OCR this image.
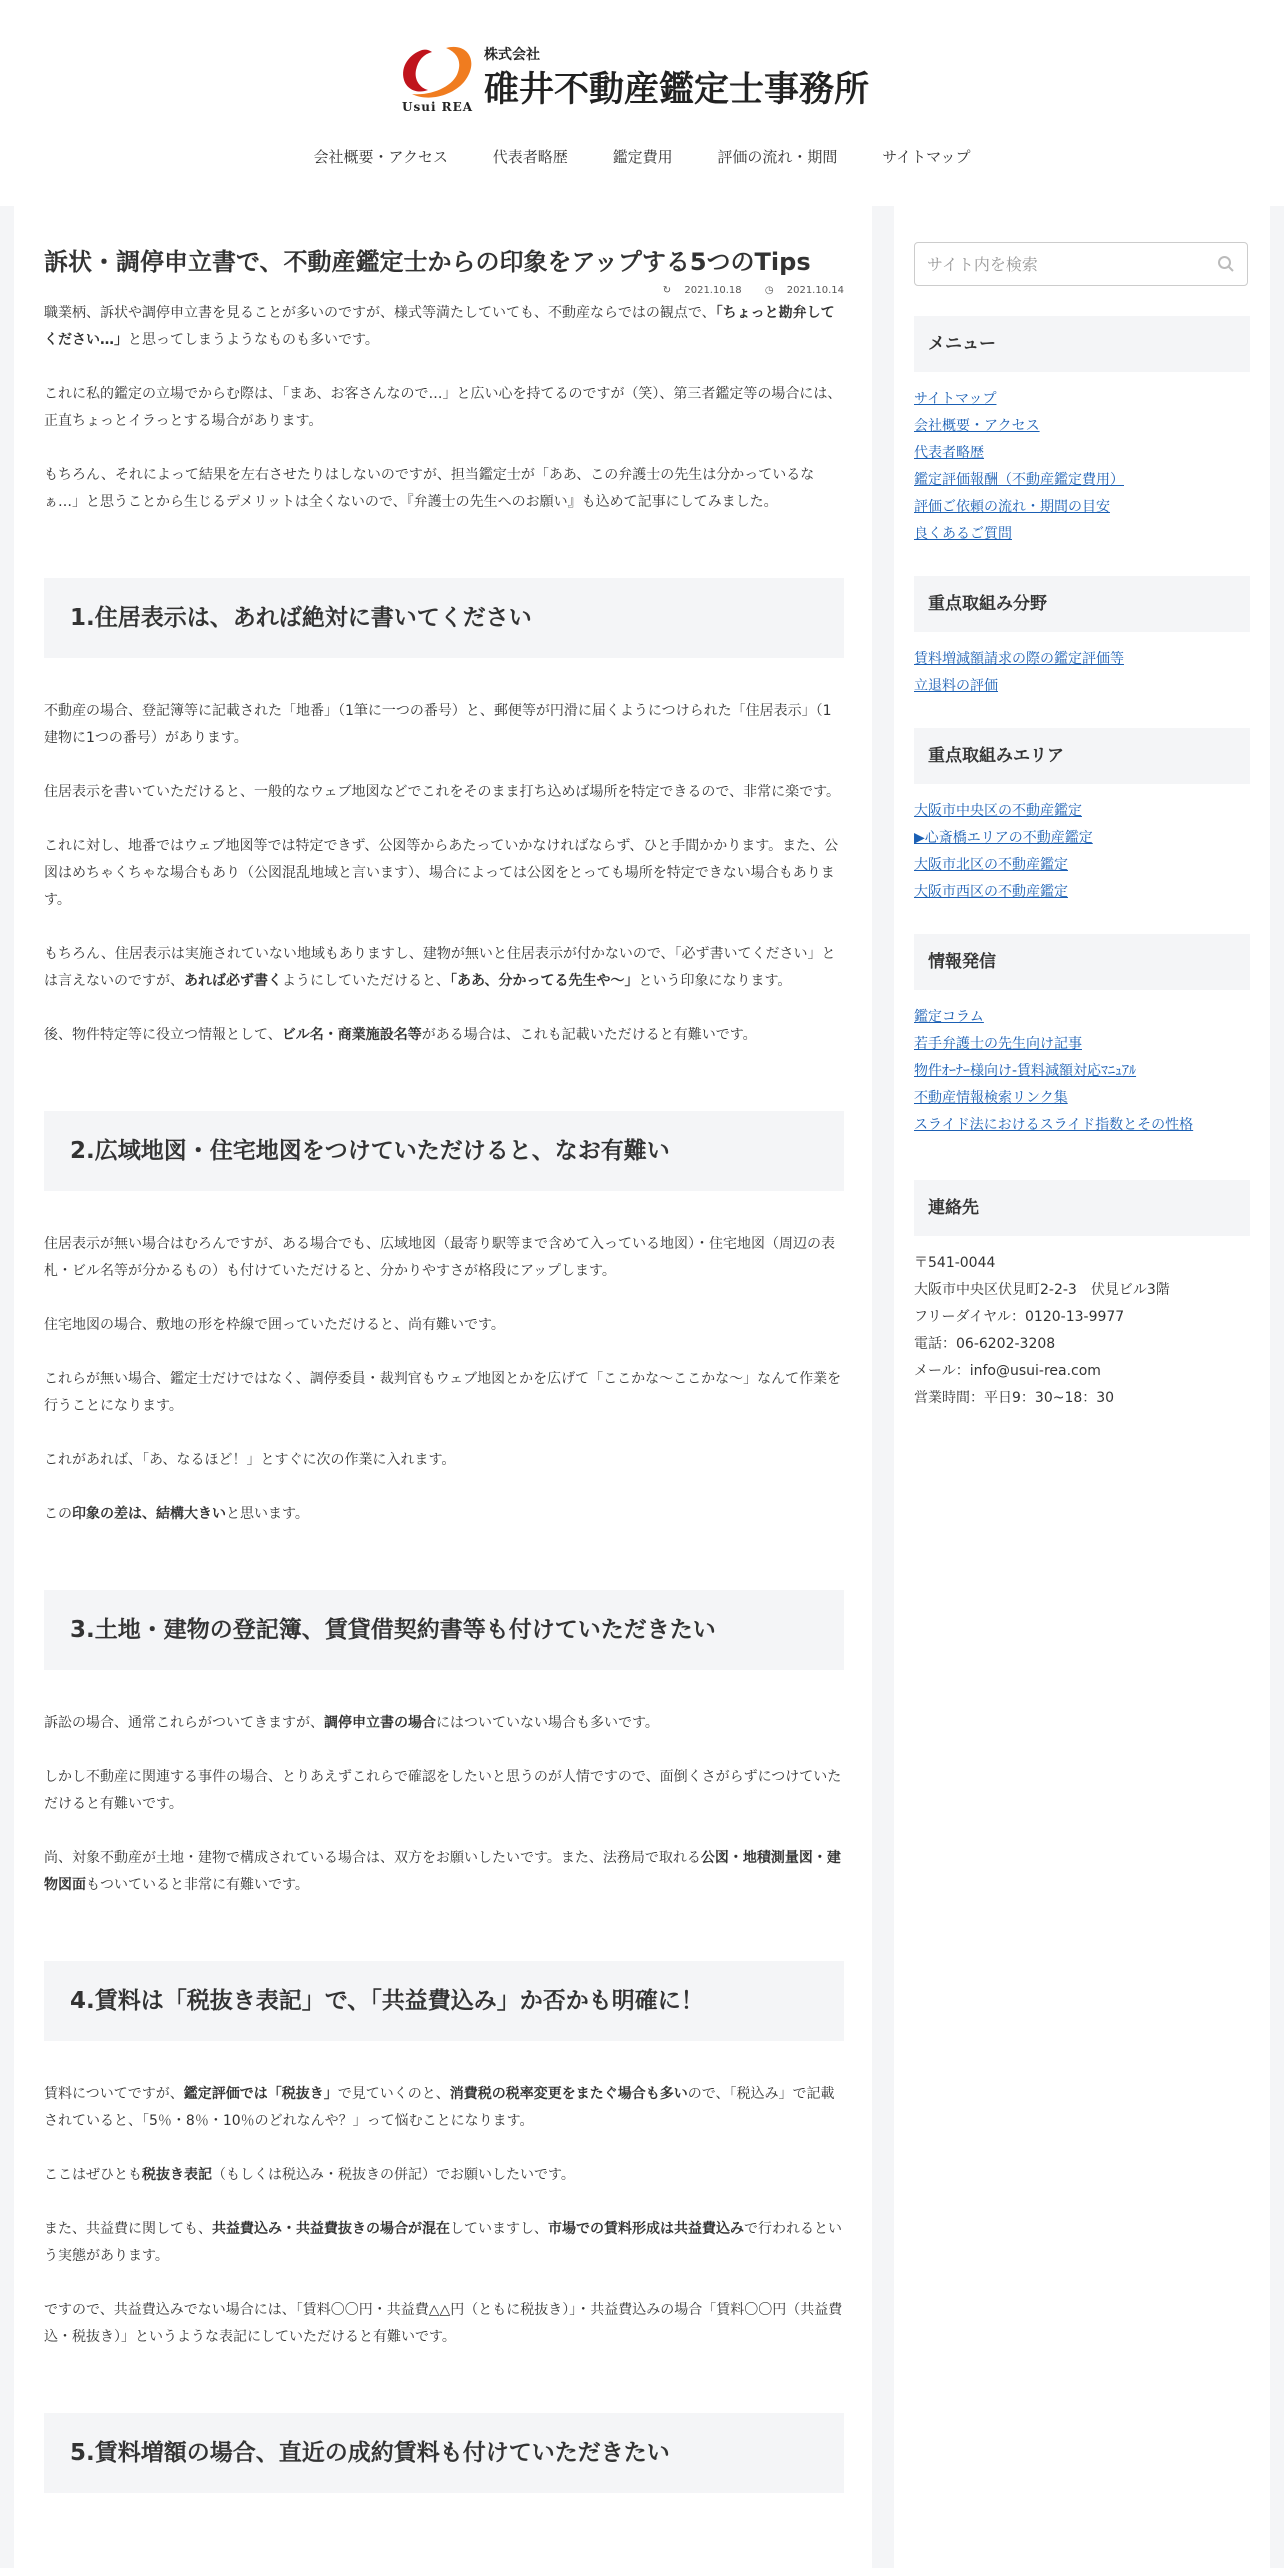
Usui REA
株式会社
碓井不動産鑑定士事務所
会社概要・アクセス	代表者略歴	鑑定費用	評価の流れ・期間	サイトマップ
訴状・調停申立書で、不動産鑑定士からの印象をアップする5つのTips
↻ 2021.10.18 ◷ 2021.10.14

職業柄、訴状や調停申立書を見ることが多いのですが、様式等満たしていても、不動産ならではの観点で、「ちょっと勘弁してください…」と思ってしまうようなものも多いです。

これに私的鑑定の立場でからむ際は、「まあ、お客さんなので…」と広い心を持てるのですが（笑）、第三者鑑定等の場合には、正直ちょっとイラっとする場合があります。

もちろん、それによって結果を左右させたりはしないのですが、担当鑑定士が「ああ、この弁護士の先生は分かっているなぁ…」と思うことから生じるデメリットは全くないので、『弁護士の先生へのお願い』も込めて記事にしてみました。

1.住居表示は、あれば絶対に書いてください

不動産の場合、登記簿等に記載された「地番」（1筆に一つの番号）と、郵便等が円滑に届くようにつけられた「住居表示」（1建物に1つの番号）があります。

住居表示を書いていただけると、一般的なウェブ地図などでこれをそのまま打ち込めば場所を特定できるので、非常に楽です。

これに対し、地番ではウェブ地図等では特定できず、公図等からあたっていかなければならず、ひと手間かかります。また、公図はめちゃくちゃな場合もあり（公図混乱地域と言います）、場合によっては公図をとっても場所を特定できない場合もあります。

もちろん、住居表示は実施されていない地域もありますし、建物が無いと住居表示が付かないので、「必ず書いてください」とは言えないのですが、あれば必ず書くようにしていただけると、「ああ、分かってる先生や～」という印象になります。

後、物件特定等に役立つ情報として、ビル名・商業施設名等がある場合は、これも記載いただけると有難いです。

2.広域地図・住宅地図をつけていただけると、なお有難い

住居表示が無い場合はむろんですが、ある場合でも、広域地図（最寄り駅等まで含めて入っている地図）・住宅地図（周辺の表札・ビル名等が分かるもの）も付けていただけると、分かりやすさが格段にアップします。

住宅地図の場合、敷地の形を枠線で囲っていただけると、尚有難いです。

これらが無い場合、鑑定士だけではなく、調停委員・裁判官もウェブ地図とかを広げて「ここかな～ここかな～」なんて作業を行うことになります。

これがあれば、「あ、なるほど！」とすぐに次の作業に入れます。

この印象の差は、結構大きいと思います。

3.土地・建物の登記簿、賃貸借契約書等も付けていただきたい

訴訟の場合、通常これらがついてきますが、調停申立書の場合にはついていない場合も多いです。

しかし不動産に関連する事件の場合、とりあえずこれらで確認をしたいと思うのが人情ですので、面倒くさがらずにつけていただけると有難いです。

尚、対象不動産が土地・建物で構成されている場合は、双方をお願いしたいです。また、法務局で取れる公図・地積測量図・建物図面もついていると非常に有難いです。

4.賃料は「税抜き表記」で、「共益費込み」か否かも明確に！

賃料についてですが、鑑定評価では「税抜き」で見ていくのと、消費税の税率変更をまたぐ場合も多いので、「税込み」で記載されていると、「5％・8％・10％のどれなんや？」って悩むことになります。

ここはぜひとも税抜き表記（もしくは税込み・税抜きの併記）でお願いしたいです。

また、共益費に関しても、共益費込み・共益費抜きの場合が混在していますし、市場での賃料形成は共益費込みで行われるという実態があります。

ですので、共益費込みでない場合には、「賃料〇〇円・共益費△△円（ともに税抜き）」・共益費込みの場合「賃料〇〇円（共益費込・税抜き）」というような表記にしていただけると有難いです。

5.賃料増額の場合、直近の成約賃料も付けていただきたい
サイト内を検索
メニュー
サイトマップ
会社概要・アクセス
代表者略歴
鑑定評価報酬（不動産鑑定費用）
評価ご依頼の流れ・期間の目安
良くあるご質問
重点取組み分野
賃料増減額請求の際の鑑定評価等
立退料の評価
重点取組みエリア
大阪市中央区の不動産鑑定
▶心斎橋エリアの不動産鑑定
大阪市北区の不動産鑑定
大阪市西区の不動産鑑定
情報発信
鑑定コラム
若手弁護士の先生向け記事
物件ｵｰﾅｰ様向け-賃料減額対応ﾏﾆｭｱﾙ
不動産情報検索リンク集
スライド法におけるスライド指数とその性格
連絡先
〒541-0044
大阪市中央区伏見町2-2-3　伏見ビル3階
フリーダイヤル：0120-13-9977
電話：06-6202-3208
メール：info@usui-rea.com
営業時間：平日9：30~18：30
